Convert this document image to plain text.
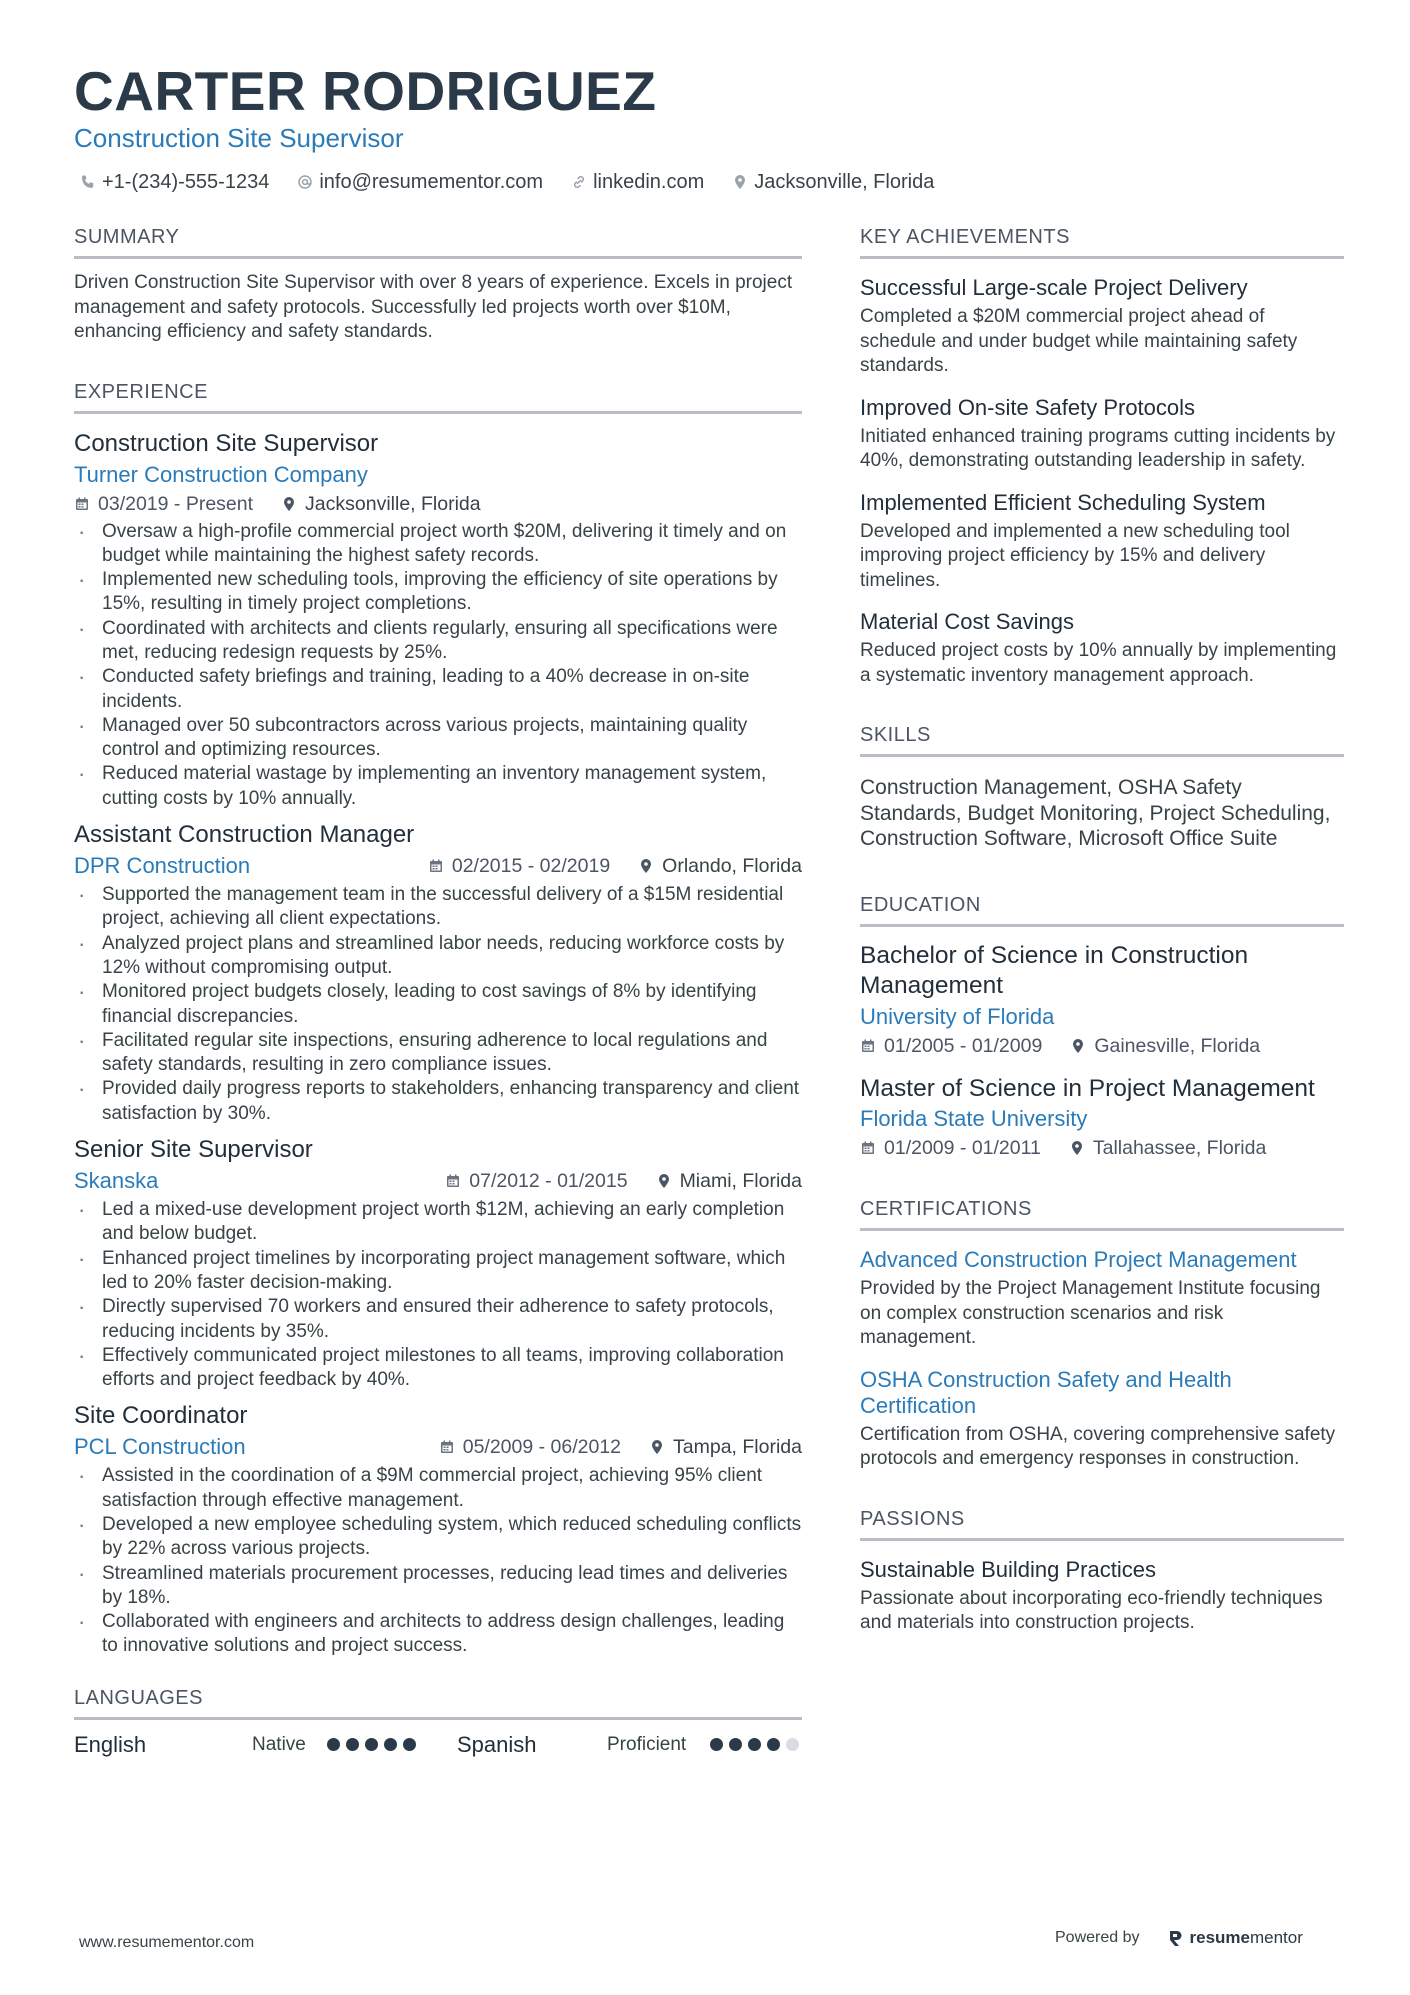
CARTER RODRIGUEZ
Construction Site Supervisor
+1-(234)-555-1234	info@resumementor.com	linkedin.com	Jacksonville, Florida
SUMMARY
Driven Construction Site Supervisor with over 8 years of experience. Excels in project management and safety protocols. Successfully led projects worth over $10M, enhancing efficiency and safety standards.
EXPERIENCE
Construction Site Supervisor
Turner Construction Company
03/2019 - Present	Jacksonville, Florida
· Oversaw a high-profile commercial project worth $20M, delivering it timely and on budget while maintaining the highest safety records.
· Implemented new scheduling tools, improving the efficiency of site operations by 15%, resulting in timely project completions.
· Coordinated with architects and clients regularly, ensuring all specifications were met, reducing redesign requests by 25%.
· Conducted safety briefings and training, leading to a 40% decrease in on-site incidents.
· Managed over 50 subcontractors across various projects, maintaining quality control and optimizing resources.
· Reduced material wastage by implementing an inventory management system, cutting costs by 10% annually.
Assistant Construction Manager
DPR Construction	02/2015 - 02/2019	Orlando, Florida
· Supported the management team in the successful delivery of a $15M residential project, achieving all client expectations.
· Analyzed project plans and streamlined labor needs, reducing workforce costs by 12% without compromising output.
· Monitored project budgets closely, leading to cost savings of 8% by identifying financial discrepancies.
· Facilitated regular site inspections, ensuring adherence to local regulations and safety standards, resulting in zero compliance issues.
· Provided daily progress reports to stakeholders, enhancing transparency and client satisfaction by 30%.
Senior Site Supervisor
Skanska	07/2012 - 01/2015	Miami, Florida
· Led a mixed-use development project worth $12M, achieving an early completion and below budget.
· Enhanced project timelines by incorporating project management software, which led to 20% faster decision-making.
· Directly supervised 70 workers and ensured their adherence to safety protocols, reducing incidents by 35%.
· Effectively communicated project milestones to all teams, improving collaboration efforts and project feedback by 40%.
Site Coordinator
PCL Construction	05/2009 - 06/2012	Tampa, Florida
· Assisted in the coordination of a $9M commercial project, achieving 95% client satisfaction through effective management.
· Developed a new employee scheduling system, which reduced scheduling conflicts by 22% across various projects.
· Streamlined materials procurement processes, reducing lead times and deliveries by 18%.
· Collaborated with engineers and architects to address design challenges, leading to innovative solutions and project success.
LANGUAGES
English	Native	Spanish	Proficient
KEY ACHIEVEMENTS
Successful Large-scale Project Delivery
Completed a $20M commercial project ahead of schedule and under budget while maintaining safety standards.
Improved On-site Safety Protocols
Initiated enhanced training programs cutting incidents by 40%, demonstrating outstanding leadership in safety.
Implemented Efficient Scheduling System
Developed and implemented a new scheduling tool improving project efficiency by 15% and delivery timelines.
Material Cost Savings
Reduced project costs by 10% annually by implementing a systematic inventory management approach.
SKILLS
Construction Management, OSHA Safety Standards, Budget Monitoring, Project Scheduling, Construction Software, Microsoft Office Suite
EDUCATION
Bachelor of Science in Construction Management
University of Florida
01/2005 - 01/2009	Gainesville, Florida
Master of Science in Project Management
Florida State University
01/2009 - 01/2011	Tallahassee, Florida
CERTIFICATIONS
Advanced Construction Project Management
Provided by the Project Management Institute focusing on complex construction scenarios and risk management.
OSHA Construction Safety and Health Certification
Certification from OSHA, covering comprehensive safety protocols and emergency responses in construction.
PASSIONS
Sustainable Building Practices
Passionate about incorporating eco-friendly techniques and materials into construction projects.
www.resumementor.com	Powered by	resumementor
